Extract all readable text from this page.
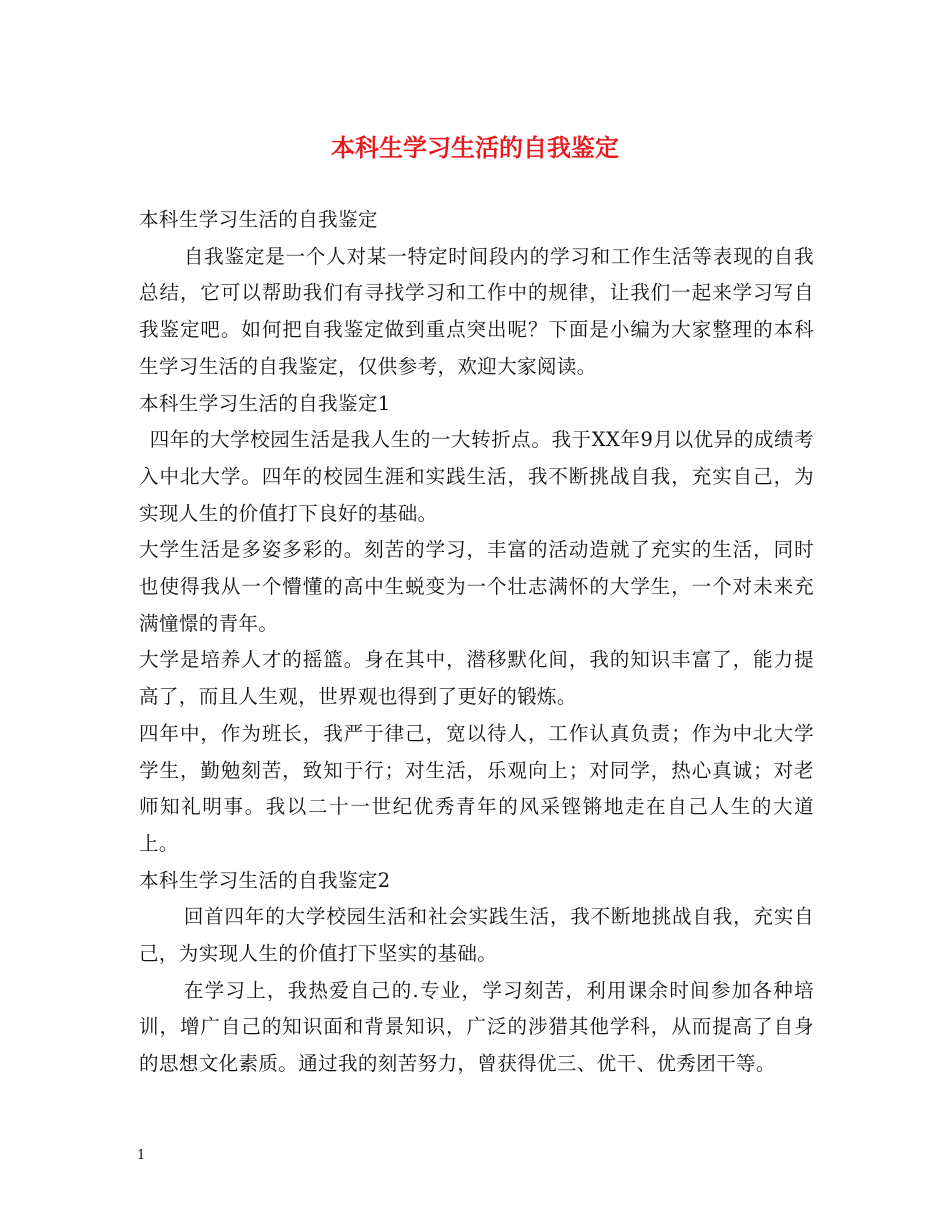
本科生学习生活的自我鉴定

本科生学习生活的自我鉴定

自我鉴定是一个人对某一特定时间段内的学习和工作生活等表现的自我总结，它可以帮助我们有寻找学习和工作中的规律，让我们一起来学习写自我鉴定吧。如何把自我鉴定做到重点突出呢？下面是小编为大家整理的本科生学习生活的自我鉴定，仅供参考，欢迎大家阅读。

本科生学习生活的自我鉴定1

四年的大学校园生活是我人生的一大转折点。我于XX年9月以优异的成绩考入中北大学。四年的校园生涯和实践生活，我不断挑战自我，充实自己，为实现人生的价值打下良好的基础。

大学生活是多姿多彩的。刻苦的学习，丰富的活动造就了充实的生活，同时也使得我从一个懵懂的高中生蜕变为一个壮志满怀的大学生，一个对未来充满憧憬的青年。

大学是培养人才的摇篮。身在其中，潜移默化间，我的知识丰富了，能力提高了，而且人生观，世界观也得到了更好的锻炼。

四年中，作为班长，我严于律己，宽以待人，工作认真负责；作为中北大学学生，勤勉刻苦，致知于行；对生活，乐观向上；对同学，热心真诚；对老师知礼明事。我以二十一世纪优秀青年的风采铿锵地走在自己人生的大道上。

本科生学习生活的自我鉴定2

回首四年的大学校园生活和社会实践生活，我不断地挑战自我，充实自己，为实现人生的价值打下坚实的基础。

在学习上，我热爱自己的.专业，学习刻苦，利用课余时间参加各种培训，增广自己的知识面和背景知识，广泛的涉猎其他学科，从而提高了自身的思想文化素质。通过我的刻苦努力，曾获得优三、优干、优秀团干等。

1
